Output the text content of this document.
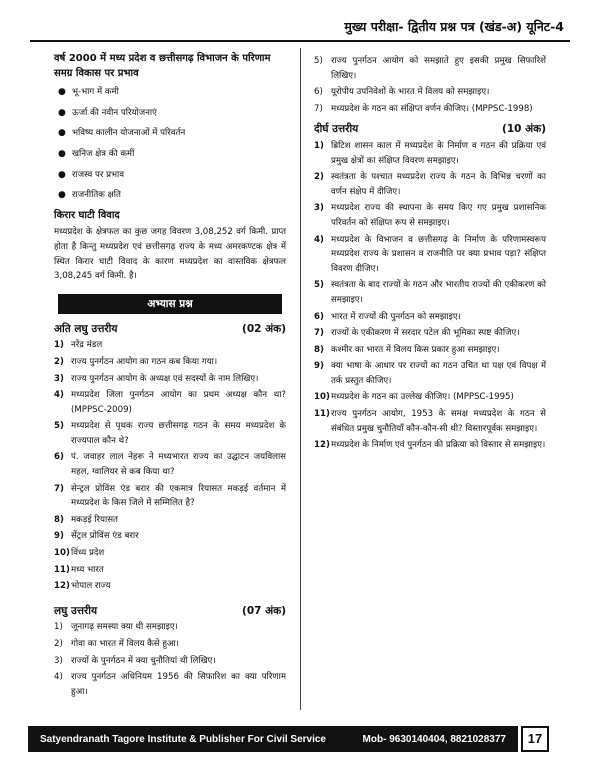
मुख्य परीक्षा- द्वितीय प्रश्न पत्र (खंड-अ) यूनिट-4
वर्ष 2000 में मध्य प्रदेश व छत्तीसगढ़ विभाजन के परिणाम समग्र विकास पर प्रभाव
● भू-भाग में कमी
● ऊर्जा की नवीन परियोजनाएं
● भविष्य कालीन योजनाओं में परिवर्तन
● खनिज क्षेत्र की कमीं
● राजस्व पर प्रभाव
● राजनीतिक क्षति
किरार घाटी विवाद
मध्यप्रदेश के क्षेत्रफल का कुछ जगह विवरण 3,08,252 वर्ग किमी. प्राप्त होता है किन्तु मध्यप्रदेश एवं छत्तीसगढ़ राज्य के मध्य अमरकण्टक क्षेत्र में स्थित किरार घाटी विवाद के कारण मध्यप्रदेश का वास्तविक क्षेत्रफल 3,08,245 वर्ग किमी. है।
अभ्यास प्रश्न
अति लघु उत्तरीय	(02 अंक)
1) नरेंद्र मंडल
2) राज्य पुनर्गठन आयोग का गठन कब किया गया।
3) राज्य पुनर्गठन आयोग के अध्यक्ष एवं सदस्यों के नाम लिखिए।
4) मध्यप्रदेश जिला पुनर्गठन आयोग का प्रथम अध्यक्ष कौन था? (MPPSC-2009)
5) मध्यप्रदेश से पृथक राज्य छत्तीसगढ़ गठन के समय मध्यप्रदेश के राज्यपाल कौन थे?
6) पं. जवाहर लाल नेहरू ने मध्यभारत राज्य का उद्घाटन जयविलास महल, ग्वालियर से कब किया था?
7) सेन्ट्रल प्रोविंस एंड बरार की एकमात्र रियासत मकड़ई वर्तमान में मध्यप्रदेश के किस जिले में सम्मिलित है?
8) मकड़ई रियासत
9) सेंट्रल प्रोविंस एंड बरार
10) विंध्य प्रदेश
11) मध्य भारत
12) भोपाल राज्य
लघु उत्तरीय	(07 अंक)
1) जूनागढ़ समस्या क्या थी समझाइए।
2) गोवा का भारत में विलय कैसे हुआ।
3) राज्यों के पुनर्गठन में क्या चुनौतियां थी लिखिए।
4) राज्य पुनर्गठन अधिनियम 1956 की सिफारिश का क्या परिणाम हुआ।
5) राज्य पुनर्गठन आयोग को समझाते हुए इसकी प्रमुख सिफारिशें लिखिए।
6) यूरोपीय उपनिवेशों के भारत में विलय को समझाइए।
7) मध्यप्रदेश के गठन का संक्षिप्त वर्णन कीजिए। (MPPSC-1998)
दीर्घ उत्तरीय	(10 अंक)
1) ब्रिटिश शासन काल में मध्यप्रदेश के निर्माण व गठन की प्रक्रिया एवं प्रमुख क्षेत्रों का संक्षिप्त विवरण समझाइए।
2) स्वतंत्रता के पश्चात मध्यप्रदेश राज्य के गठन के विभिन्न चरणों का वर्णन संक्षेप में दीजिए।
3) मध्यप्रदेश राज्य की स्थापना के समय किए गए प्रमुख प्रशासनिक परिवर्तन को संक्षिप्त रूप से समझाइए।
4) मध्यप्रदेश के विभाजन व छत्तीसगढ़ के निर्माण के परिणामस्वरूप मध्यप्रदेश राज्य के प्रशासन व राजनीति पर क्या प्रभाव पड़ा? संक्षिप्त विवरण दीजिए।
5) स्वतंत्रता के बाद राज्यों के गठन और भारतीय राज्यों की एकीकरण को समझाइए।
6) भारत में राज्यों की पुनर्गठन को समझाइए।
7) राज्यों के एकीकरण में सरदार पटेल की भूमिका स्पष्ट कीजिए।
8) कश्मीर का भारत में विलय किस प्रकार हुआ समझाइए।
9) क्या भाषा के आधार पर राज्यों का गठन उचित था पक्ष एवं विपक्ष में तर्क प्रस्तुत कीजिए।
10) मध्यप्रदेश के गठन का उल्लेख कीजिए। (MPPSC-1995)
11) राज्य पुनर्गठन आयोग, 1953 के समक्ष मध्यप्रदेश के गठन से संबंधित प्रमुख चुनौतियाँ कौन-कौन-सी थी? विस्तारपूर्वक समझाइए।
12) मध्यप्रदेश के निर्माण एवं पुनर्गठन की प्रक्रिया को विस्तार से समझाइए।
Satyendranath Tagore Institute & Publisher For Civil Service	Mob- 9630140404, 8821028377	17
